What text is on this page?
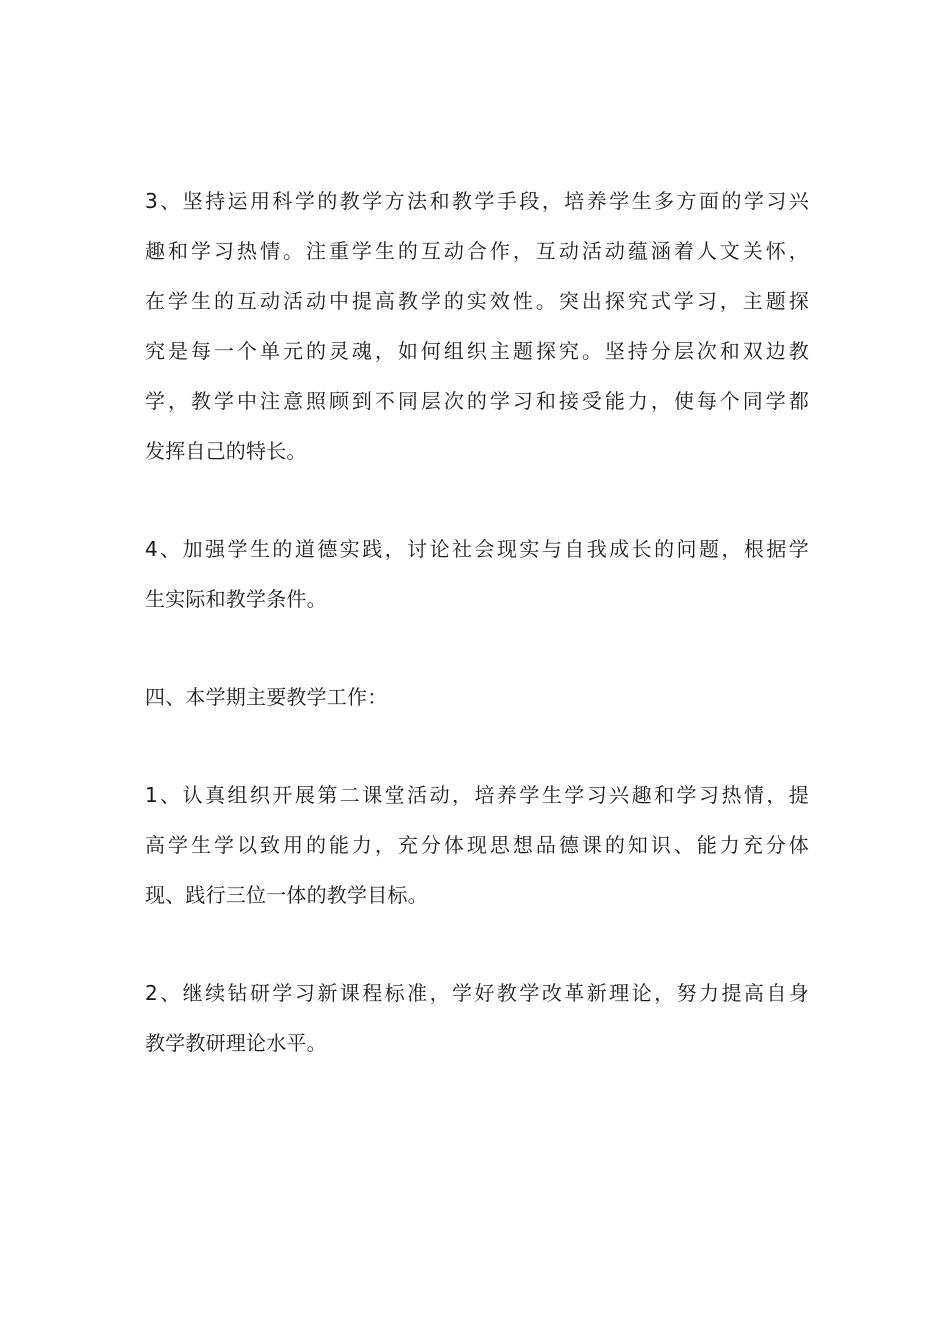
3、坚持运用科学的教学方法和教学手段，培养学生多方面的学习兴
趣和学习热情。注重学生的互动合作，互动活动蕴涵着人文关怀，
在学生的互动活动中提高教学的实效性。突出探究式学习，主题探
究是每一个单元的灵魂，如何组织主题探究。坚持分层次和双边教
学，教学中注意照顾到不同层次的学习和接受能力，使每个同学都
发挥自己的特长。

4、加强学生的道德实践，讨论社会现实与自我成长的问题，根据学
生实际和教学条件。

四、本学期主要教学工作：

1、认真组织开展第二课堂活动，培养学生学习兴趣和学习热情，提
高学生学以致用的能力，充分体现思想品德课的知识、能力充分体
现、践行三位一体的教学目标。

2、继续钻研学习新课程标准，学好教学改革新理论，努力提高自身
教学教研理论水平。
